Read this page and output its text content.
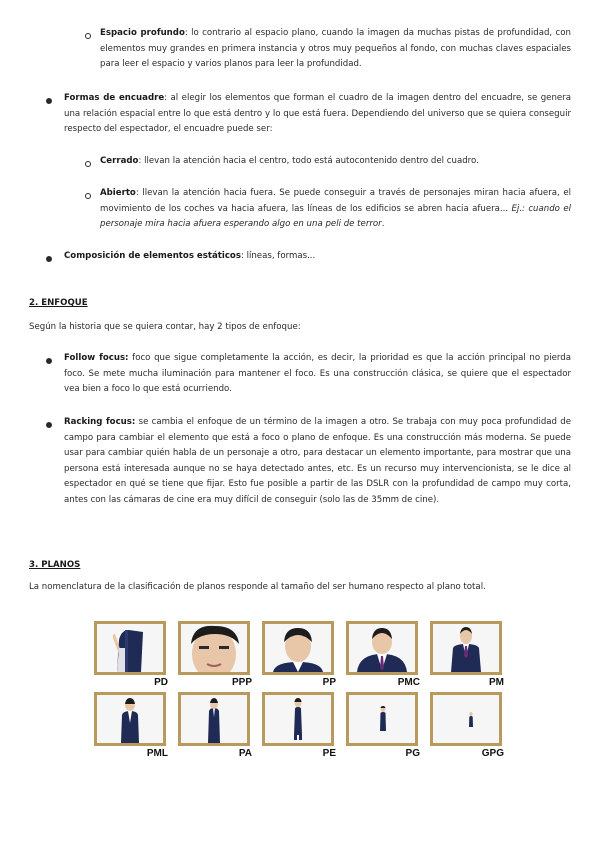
Espacio profundo: lo contrario al espacio plano, cuando la imagen da muchas pistas de profundidad, con elementos muy grandes en primera instancia y otros muy pequeños al fondo, con muchas claves espaciales para leer el espacio y varios planos para leer la profundidad.

Formas de encuadre: al elegir los elementos que forman el cuadro de la imagen dentro del encuadre, se genera una relación espacial entre lo que está dentro y lo que está fuera. Dependiendo del universo que se quiera conseguir respecto del espectador, el encuadre puede ser:

Cerrado: llevan la atención hacia el centro, todo está autocontenido dentro del cuadro.

Abierto: llevan la atención hacia fuera. Se puede conseguir a través de personajes miran hacia afuera, el movimiento de los coches va hacia afuera, las líneas de los edificios se abren hacia afuera... Ej.: cuando el personaje mira hacia afuera esperando algo en una peli de terror.

Composición de elementos estáticos: líneas, formas...

2. ENFOQUE
Según la historia que se quiera contar, hay 2 tipos de enfoque:

Follow focus: foco que sigue completamente la acción, es decir, la prioridad es que la acción principal no pierda foco. Se mete mucha iluminación para mantener el foco. Es una construcción clásica, se quiere que el espectador vea bien a foco lo que está ocurriendo.

Racking focus: se cambia el enfoque de un término de la imagen a otro. Se trabaja con muy poca profundidad de campo para cambiar el elemento que está a foco o plano de enfoque. Es una construcción más moderna. Se puede usar para cambiar quién habla de un personaje a otro, para destacar un elemento importante, para mostrar que una persona está interesada aunque no se haya detectado antes, etc. Es un recurso muy intervencionista, se le dice al espectador en qué se tiene que fijar. Esto fue posible a partir de las DSLR con la profundidad de campo muy corta, antes con las cámaras de cine era muy difícil de conseguir (solo las de 35mm de cine).

3. PLANOS
La nomenclatura de la clasificación de planos responde al tamaño del ser humano respecto al plano total.
PD	PPP	PP	PMC	PM
PML	PA	PE	PG	GPG
